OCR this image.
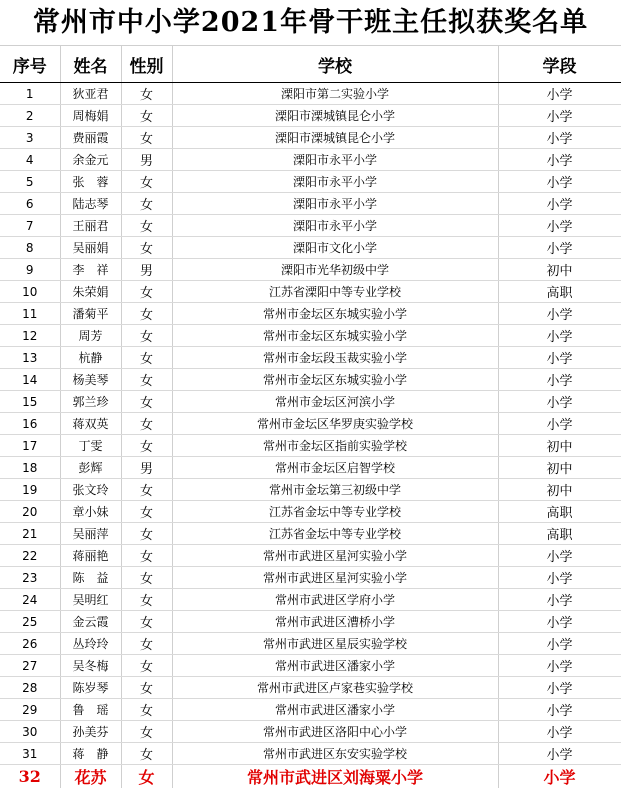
常州市中小学2021年骨干班主任拟获奖名单
序号	姓名	性别	学校	学段
1	狄亚君	女	溧阳市第二实验小学	小学
2	周梅娟	女	溧阳市溧城镇昆仑小学	小学
3	费丽霞	女	溧阳市溧城镇昆仑小学	小学
4	余金元	男	溧阳市永平小学	小学
5	张　蓉	女	溧阳市永平小学	小学
6	陆志琴	女	溧阳市永平小学	小学
7	王丽君	女	溧阳市永平小学	小学
8	吴丽娟	女	溧阳市文化小学	小学
9	李　祥	男	溧阳市光华初级中学	初中
10	朱荣娟	女	江苏省溧阳中等专业学校	高职
11	潘菊平	女	常州市金坛区东城实验小学	小学
12	周芳	女	常州市金坛区东城实验小学	小学
13	杭静	女	常州市金坛段玉裁实验小学	小学
14	杨美琴	女	常州市金坛区东城实验小学	小学
15	郭兰珍	女	常州市金坛区河滨小学	小学
16	蒋双英	女	常州市金坛区华罗庚实验学校	小学
17	丁雯	女	常州市金坛区指前实验学校	初中
18	彭辉	男	常州市金坛区启智学校	初中
19	张文玲	女	常州市金坛第三初级中学	初中
20	章小妹	女	江苏省金坛中等专业学校	高职
21	吴丽萍	女	江苏省金坛中等专业学校	高职
22	蒋丽艳	女	常州市武进区星河实验小学	小学
23	陈　益	女	常州市武进区星河实验小学	小学
24	吴明红	女	常州市武进区学府小学	小学
25	金云霞	女	常州市武进区漕桥小学	小学
26	丛玲玲	女	常州市武进区星辰实验学校	小学
27	吴冬梅	女	常州市武进区潘家小学	小学
28	陈岁琴	女	常州市武进区卢家巷实验学校	小学
29	鲁　瑶	女	常州市武进区潘家小学	小学
30	孙美芬	女	常州市武进区洛阳中心小学	小学
31	蒋　静	女	常州市武进区东安实验学校	小学
32	花苏	女	常州市武进区刘海粟小学	小学
